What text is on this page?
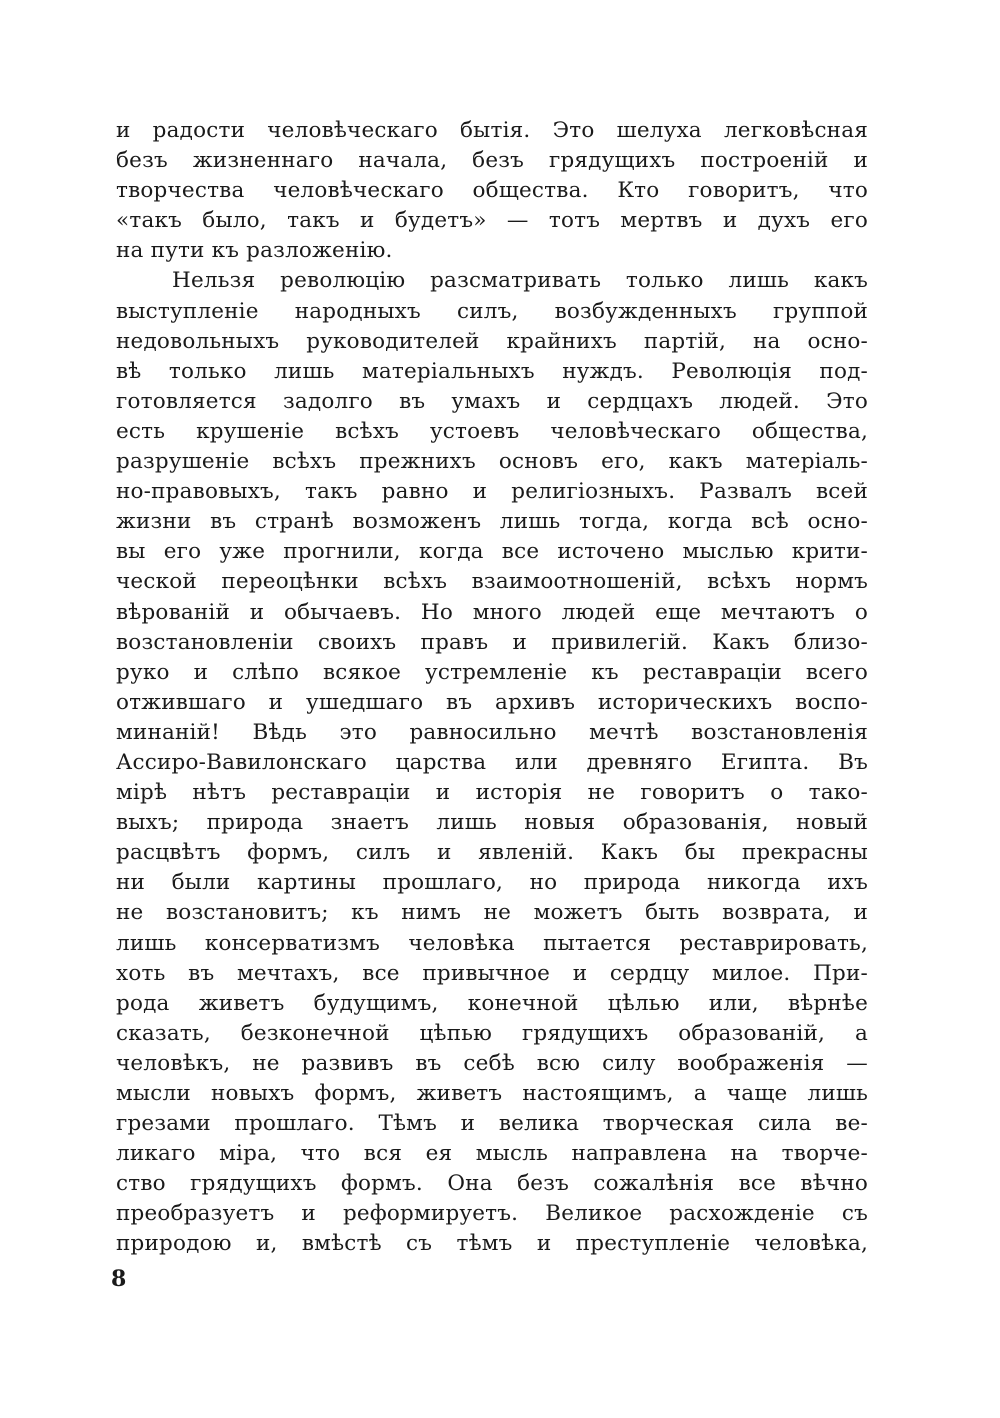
и радости человѣческаго бытія. Это шелуха легковѣсная
безъ жизненнаго начала, безъ грядущихъ построеній и
творчества человѣческаго общества. Кто говоритъ, что
«такъ было, такъ и будетъ» — тотъ мертвъ и духъ его
на пути къ разложенію.
Нельзя революцію разсматривать только лишь какъ
выступленіе народныхъ силъ, возбужденныхъ группой
недовольныхъ руководителей крайнихъ партій, на осно-
вѣ только лишь матеріальныхъ нуждъ. Революція под-
готовляется задолго въ умахъ и сердцахъ людей. Это
есть крушеніе всѣхъ устоевъ человѣческаго общества,
разрушеніе всѣхъ прежнихъ основъ его, какъ матеріаль-
но-правовыхъ, такъ равно и религіозныхъ. Развалъ всей
жизни въ странѣ возможенъ лишь тогда, когда всѣ осно-
вы его уже прогнили, когда все источено мыслью крити-
ческой переоцѣнки всѣхъ взаимоотношеній, всѣхъ нормъ
вѣрованій и обычаевъ. Но много людей еще мечтаютъ о
возстановленіи своихъ правъ и привилегій. Какъ близо-
руко и слѣпо всякое устремленіе къ реставраціи всего
отжившаго и ушедшаго въ архивъ историческихъ воспо-
минаній! Вѣдь это равносильно мечтѣ возстановленія
Ассиро-Вавилонскаго царства или древняго Египта. Въ
мірѣ нѣтъ реставраціи и исторія не говоритъ о тако-
выхъ; природа знаетъ лишь новыя образованія, новый
расцвѣтъ формъ, силъ и явленій. Какъ бы прекрасны
ни были картины прошлаго, но природа никогда ихъ
не возстановитъ; къ нимъ не можетъ быть возврата, и
лишь консерватизмъ человѣка пытается реставрировать,
хоть въ мечтахъ, все привычное и сердцу милое. При-
рода живетъ будущимъ, конечной цѣлью или, вѣрнѣе
сказать, безконечной цѣпью грядущихъ образованій, а
человѣкъ, не развивъ въ себѣ всю силу воображенія —
мысли новыхъ формъ, живетъ настоящимъ, а чаще лишь
грезами прошлаго. Тѣмъ и велика творческая сила ве-
ликаго міра, что вся ея мысль направлена на творче-
ство грядущихъ формъ. Она безъ сожалѣнія все вѣчно
преобразуетъ и реформируетъ. Великое расхожденіе съ
природою и, вмѣстѣ съ тѣмъ и преступленіе человѣка,
8
